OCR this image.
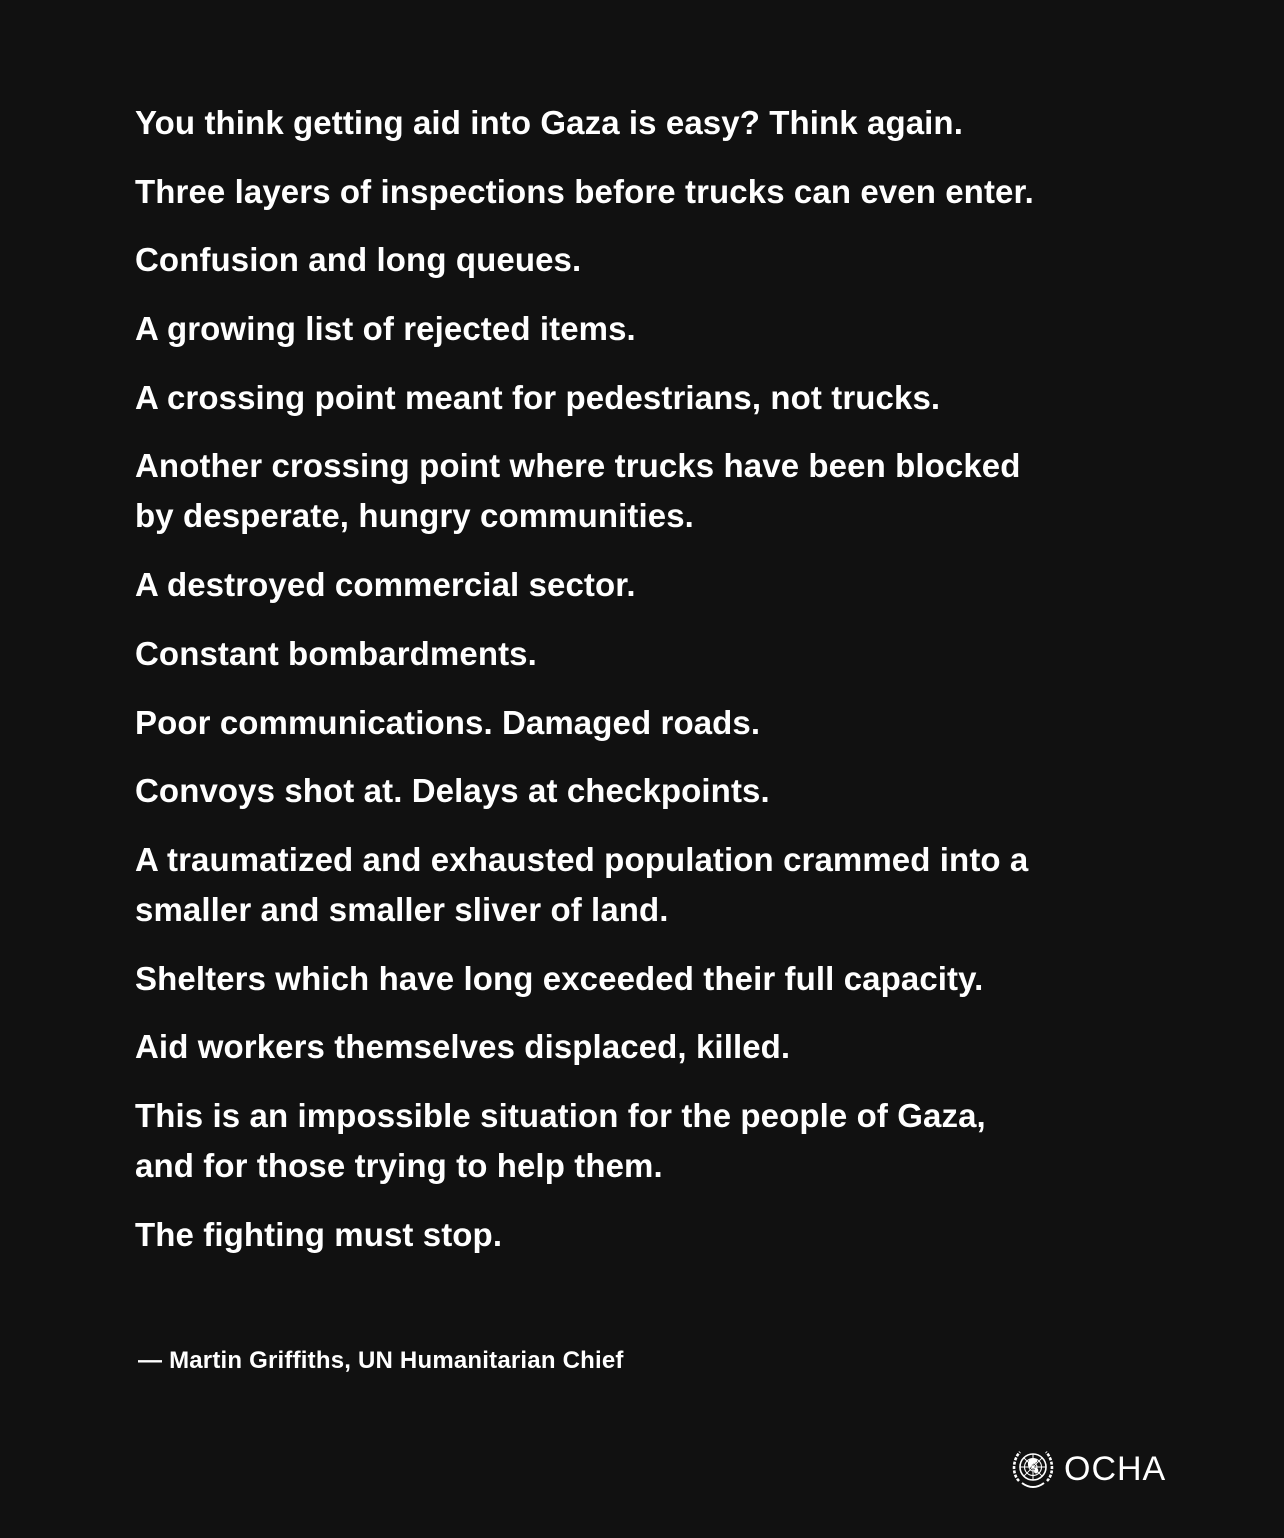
You think getting aid into Gaza is easy? Think again.
Three layers of inspections before trucks can even enter.
Confusion and long queues.
A growing list of rejected items.
A crossing point meant for pedestrians, not trucks.
Another crossing point where trucks have been blocked
by desperate, hungry communities.
A destroyed commercial sector.
Constant bombardments.
Poor communications. Damaged roads.
Convoys shot at. Delays at checkpoints.
A traumatized and exhausted population crammed into a
smaller and smaller sliver of land.
Shelters which have long exceeded their full capacity.
Aid workers themselves displaced, killed.
This is an impossible situation for the people of Gaza,
and for those trying to help them.
The fighting must stop.
— Martin Griffiths, UN Humanitarian Chief
OCHA
